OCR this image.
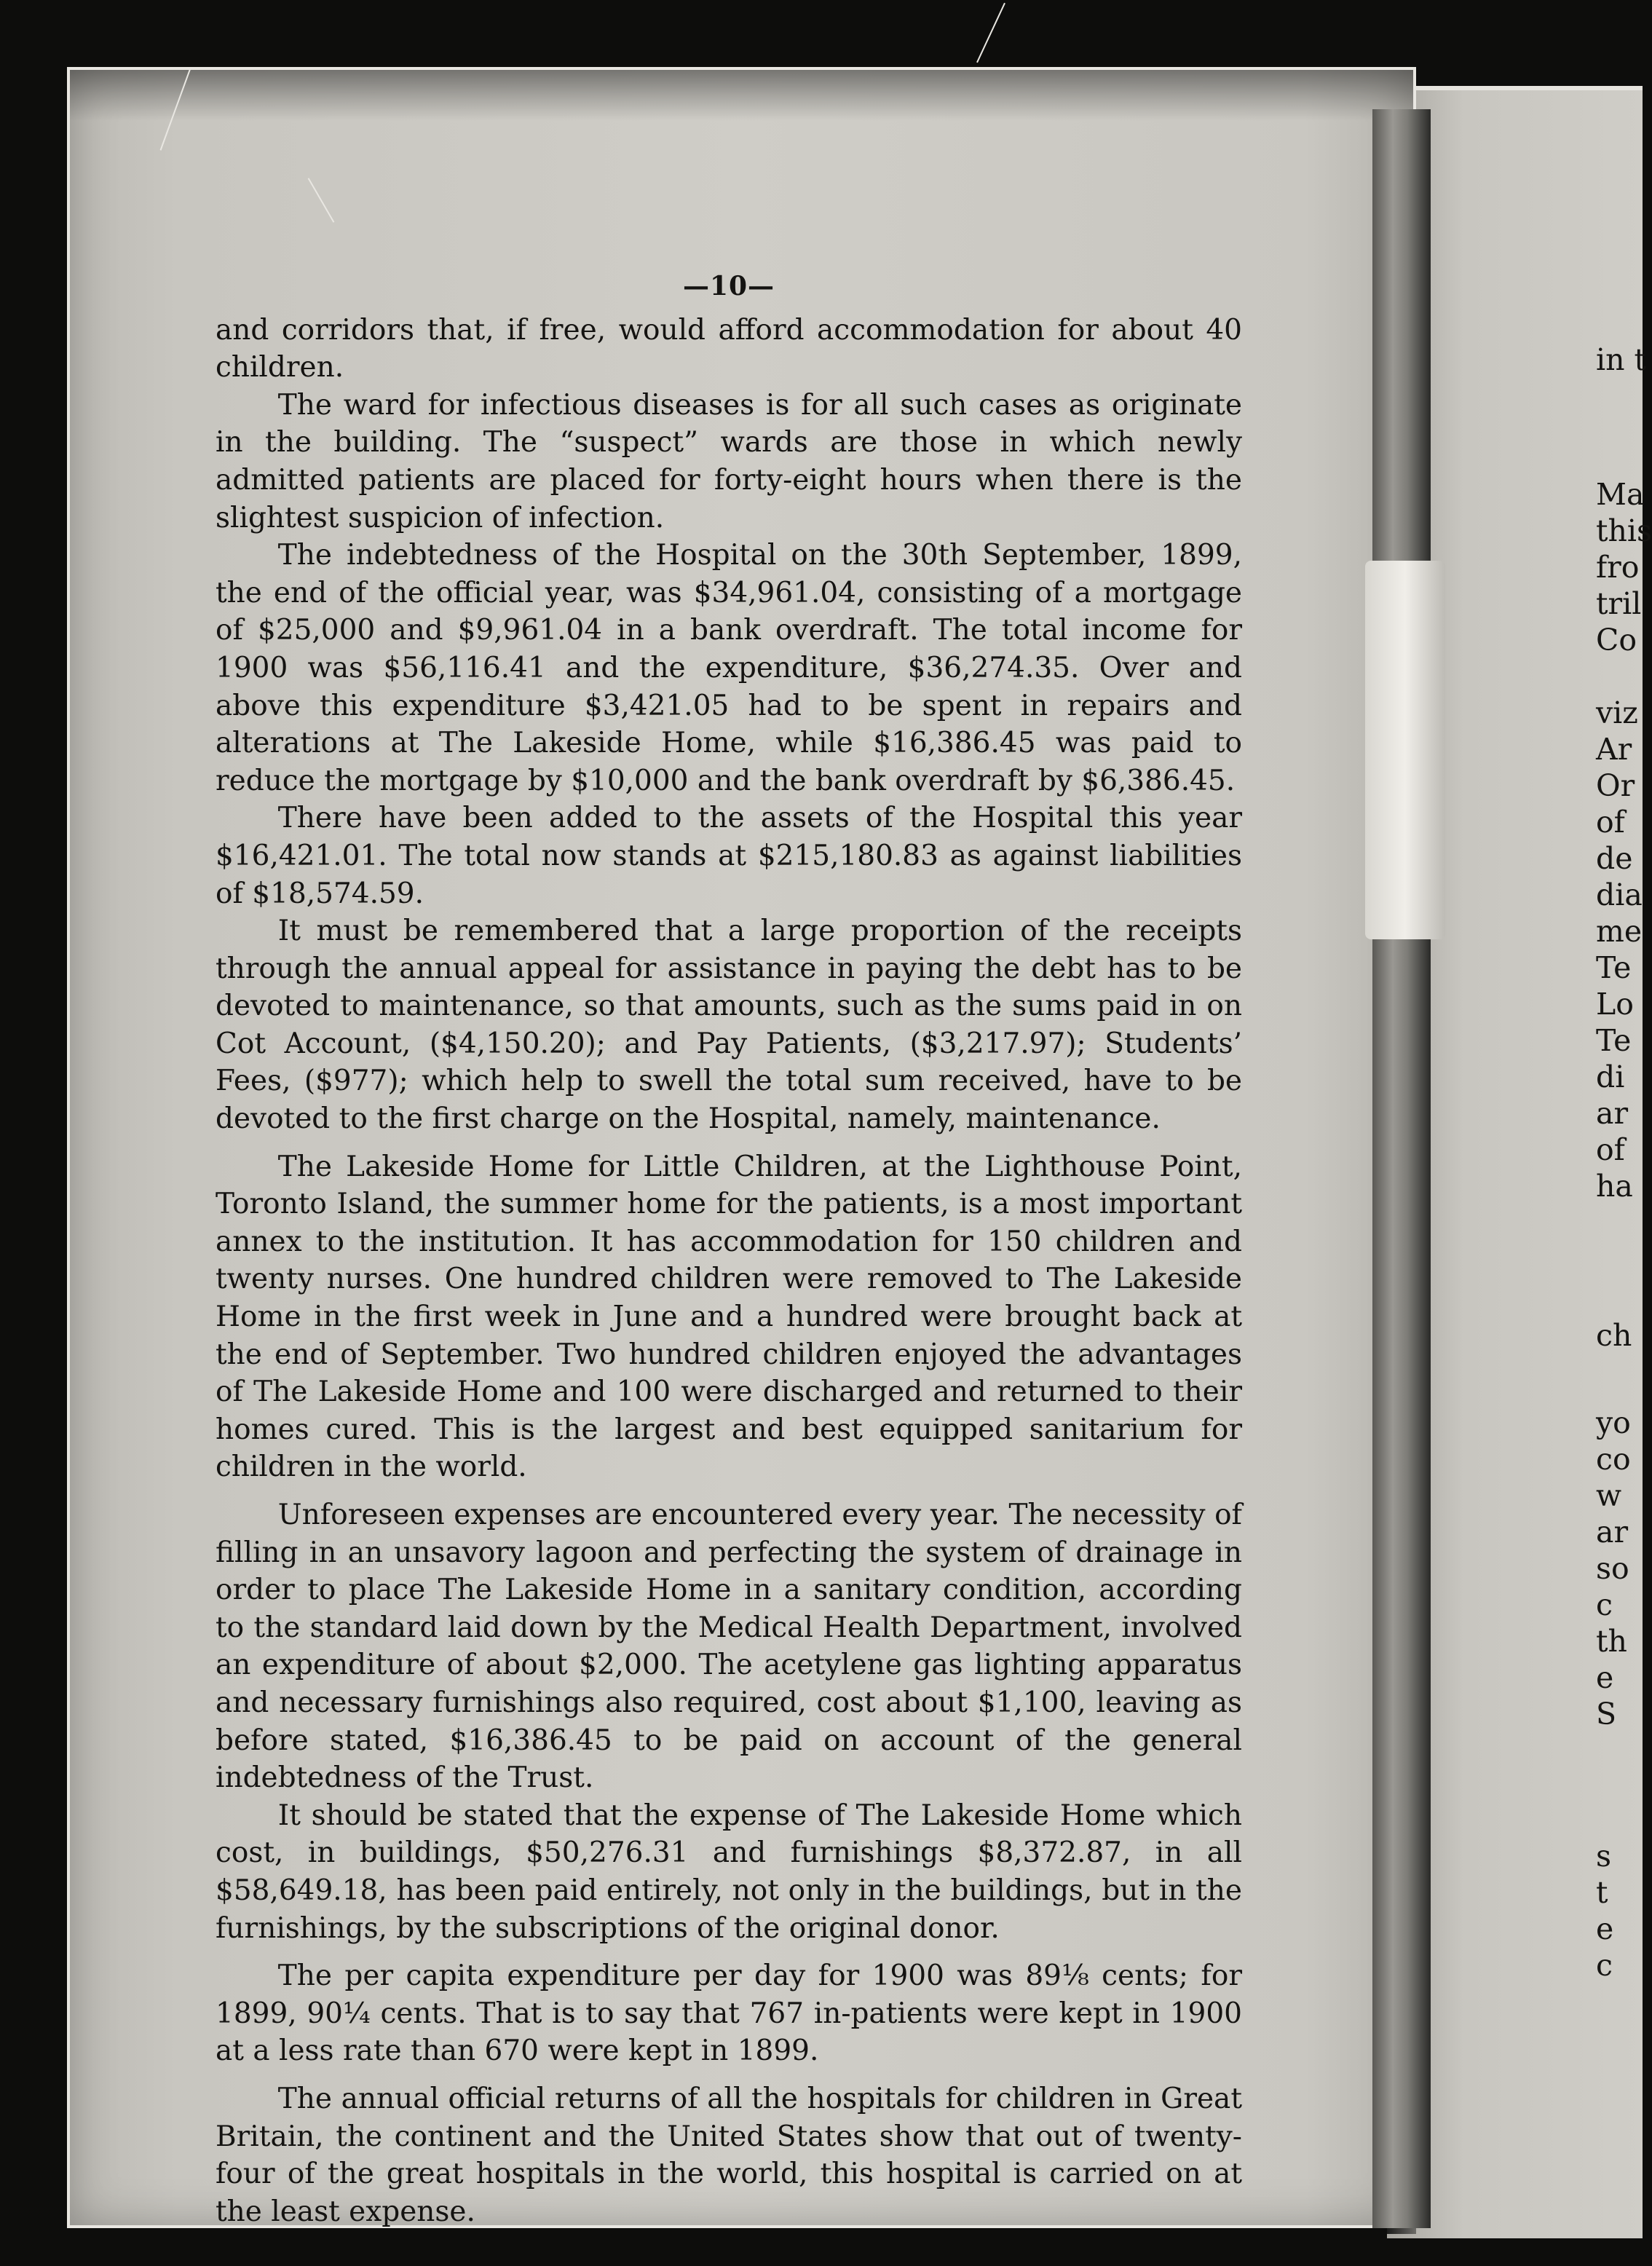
—10—

and corridors that, if free, would afford accommodation for about 40 children.

The ward for infectious diseases is for all such cases as originate in the building. The “suspect” wards are those in which newly admitted patients are placed for forty-eight hours when there is the slightest suspicion of infection.

The indebtedness of the Hospital on the 30th September, 1899, the end of the official year, was $34,961.04, consisting of a mortgage of $25,000 and $9,961.04 in a bank overdraft. The total income for 1900 was $56,116.41 and the expenditure, $36,274.35. Over and above this expenditure $3,421.05 had to be spent in repairs and alterations at The Lakeside Home, while $16,386.45 was paid to reduce the mortgage by $10,000 and the bank overdraft by $6,386.45.

There have been added to the assets of the Hospital this year $16,421.01. The total now stands at $215,180.83 as against liabilities of $18,574.59.

It must be remembered that a large proportion of the receipts through the annual appeal for assistance in paying the debt has to be devoted to maintenance, so that amounts, such as the sums paid in on Cot Account, ($4,150.20); and Pay Patients, ($3,217.97); Students’ Fees, ($977); which help to swell the total sum received, have to be devoted to the first charge on the Hospital, namely, maintenance.

The Lakeside Home for Little Children, at the Lighthouse Point, Toronto Island, the summer home for the patients, is a most important annex to the institution. It has accommodation for 150 children and twenty nurses. One hundred children were removed to The Lakeside Home in the first week in June and a hundred were brought back at the end of September. Two hundred children enjoyed the advantages of The Lakeside Home and 100 were discharged and returned to their homes cured. This is the largest and best equipped sanitarium for children in the world.

Unforeseen expenses are encountered every year. The necessity of filling in an unsavory lagoon and perfecting the system of drainage in order to place The Lakeside Home in a sanitary condition, according to the standard laid down by the Medical Health Department, involved an expenditure of about $2,000. The acetylene gas lighting apparatus and necessary furnishings also required, cost about $1,100, leaving as before stated, $16,386.45 to be paid on account of the general indebtedness of the Trust.

It should be stated that the expense of The Lakeside Home which cost, in buildings, $50,276.31 and furnishings $8,372.87, in all $58,649.18, has been paid entirely, not only in the buildings, but in the furnishings, by the subscriptions of the original donor.

The per capita expenditure per day for 1900 was 89⅛ cents; for 1899, 90¼ cents. That is to say that 767 in-patients were kept in 1900 at a less rate than 670 were kept in 1899.

The annual official returns of all the hospitals for children in Great Britain, the continent and the United States show that out of twenty-four of the great hospitals in the world, this hospital is carried on at the least expense.

in t
Ma
this
fro
tril
Co
viz
Ar
Or
of
de
dia
me
Te
Lo
Te
di
ar
of
ha
ch
yo
co
w
ar
so
c
th
e
S
s
t
e
c
